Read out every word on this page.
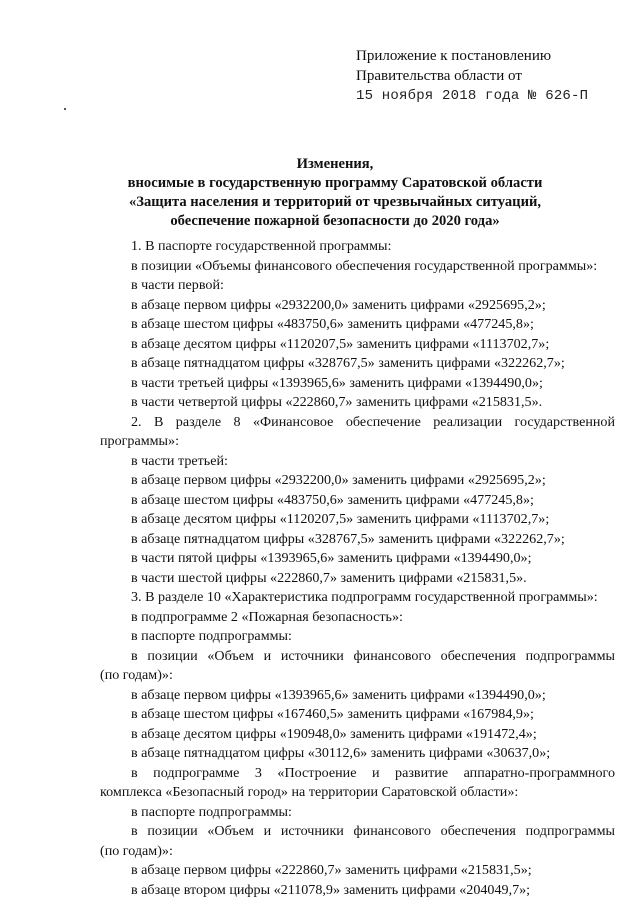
Приложение к постановлению
Правительства области от
15 ноября 2018 года № 626-П
Изменения,
вносимые в государственную программу Саратовской области
«Защита населения и территорий от чрезвычайных ситуаций,
обеспечение пожарной безопасности до 2020 года»
1. В паспорте государственной программы:
в позиции «Объемы финансового обеспечения государственной программы»:
в части первой:
в абзаце первом цифры «2932200,0» заменить цифрами «2925695,2»;
в абзаце шестом цифры «483750,6» заменить цифрами «477245,8»;
в абзаце десятом цифры «1120207,5» заменить цифрами «1113702,7»;
в абзаце пятнадцатом цифры «328767,5» заменить цифрами «322262,7»;
в части третьей цифры «1393965,6» заменить цифрами «1394490,0»;
в части четвертой цифры «222860,7» заменить цифрами «215831,5».
2. В разделе 8 «Финансовое обеспечение реализации государственной
программы»:
в части третьей:
в абзаце первом цифры «2932200,0» заменить цифрами «2925695,2»;
в абзаце шестом цифры «483750,6» заменить цифрами «477245,8»;
в абзаце десятом цифры «1120207,5» заменить цифрами «1113702,7»;
в абзаце пятнадцатом цифры «328767,5» заменить цифрами «322262,7»;
в части пятой цифры «1393965,6» заменить цифрами «1394490,0»;
в части шестой цифры «222860,7» заменить цифрами «215831,5».
3. В разделе 10 «Характеристика подпрограмм государственной программы»:
в подпрограмме 2 «Пожарная безопасность»:
в паспорте подпрограммы:
в позиции «Объем и источники финансового обеспечения подпрограммы
(по годам)»:
в абзаце первом цифры «1393965,6» заменить цифрами «1394490,0»;
в абзаце шестом цифры «167460,5» заменить цифрами «167984,9»;
в абзаце десятом цифры «190948,0» заменить цифрами «191472,4»;
в абзаце пятнадцатом цифры «30112,6» заменить цифрами «30637,0»;
в подпрограмме 3 «Построение и развитие аппаратно-программного
комплекса «Безопасный город» на территории Саратовской области»:
в паспорте подпрограммы:
в позиции «Объем и источники финансового обеспечения подпрограммы
(по годам)»:
в абзаце первом цифры «222860,7» заменить цифрами «215831,5»;
в абзаце втором цифры «211078,9» заменить цифрами «204049,7»;
